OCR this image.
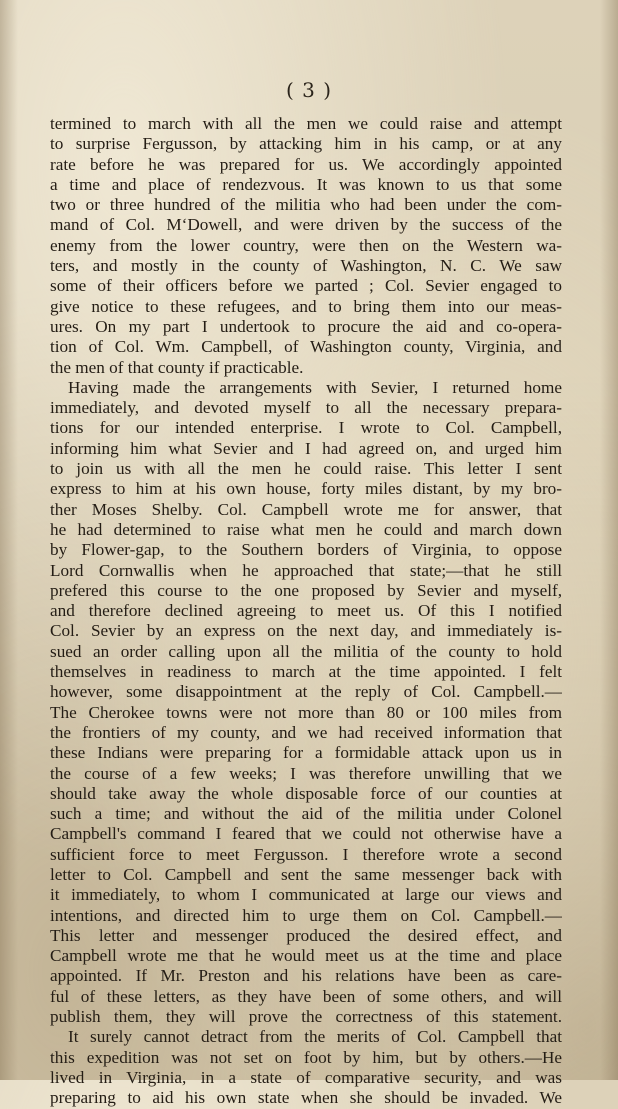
( 3 )
termined to march with all the men we could raise and attempt
to surprise Fergusson, by attacking him in his camp, or at any
rate before he was prepared for us. We accordingly appointed
a time and place of rendezvous. It was known to us that some
two or three hundred of the militia who had been under the com-
mand of Col. M‘Dowell, and were driven by the success of the
enemy from the lower country, were then on the Western wa-
ters, and mostly in the county of Washington, N. C. We saw
some of their officers before we parted ; Col. Sevier engaged to
give notice to these refugees, and to bring them into our meas-
ures. On my part I undertook to procure the aid and co-opera-
tion of Col. Wm. Campbell, of Washington county, Virginia, and
the men of that county if practicable.
Having made the arrangements with Sevier, I returned home
immediately, and devoted myself to all the necessary prepara-
tions for our intended enterprise. I wrote to Col. Campbell,
informing him what Sevier and I had agreed on, and urged him
to join us with all the men he could raise. This letter I sent
express to him at his own house, forty miles distant, by my bro-
ther Moses Shelby. Col. Campbell wrote me for answer, that
he had determined to raise what men he could and march down
by Flower-gap, to the Southern borders of Virginia, to oppose
Lord Cornwallis when he approached that state;—that he still
prefered this course to the one proposed by Sevier and myself,
and therefore declined agreeing to meet us. Of this I notified
Col. Sevier by an express on the next day, and immediately is-
sued an order calling upon all the militia of the county to hold
themselves in readiness to march at the time appointed. I felt
however, some disappointment at the reply of Col. Campbell.—
The Cherokee towns were not more than 80 or 100 miles from
the frontiers of my county, and we had received information that
these Indians were preparing for a formidable attack upon us in
the course of a few weeks; I was therefore unwilling that we
should take away the whole disposable force of our counties at
such a time; and without the aid of the militia under Colonel
Campbell's command I feared that we could not otherwise have a
sufficient force to meet Fergusson. I therefore wrote a second
letter to Col. Campbell and sent the same messenger back with
it immediately, to whom I communicated at large our views and
intentions, and directed him to urge them on Col. Campbell.—
This letter and messenger produced the desired effect, and
Campbell wrote me that he would meet us at the time and place
appointed. If Mr. Preston and his relations have been as care-
ful of these letters, as they have been of some others, and will
publish them, they will prove the correctness of this statement.
It surely cannot detract from the merits of Col. Campbell that
this expedition was not set on foot by him, but by others.—He
lived in Virginia, in a state of comparative security, and was
preparing to aid his own state when she should be invaded. We
